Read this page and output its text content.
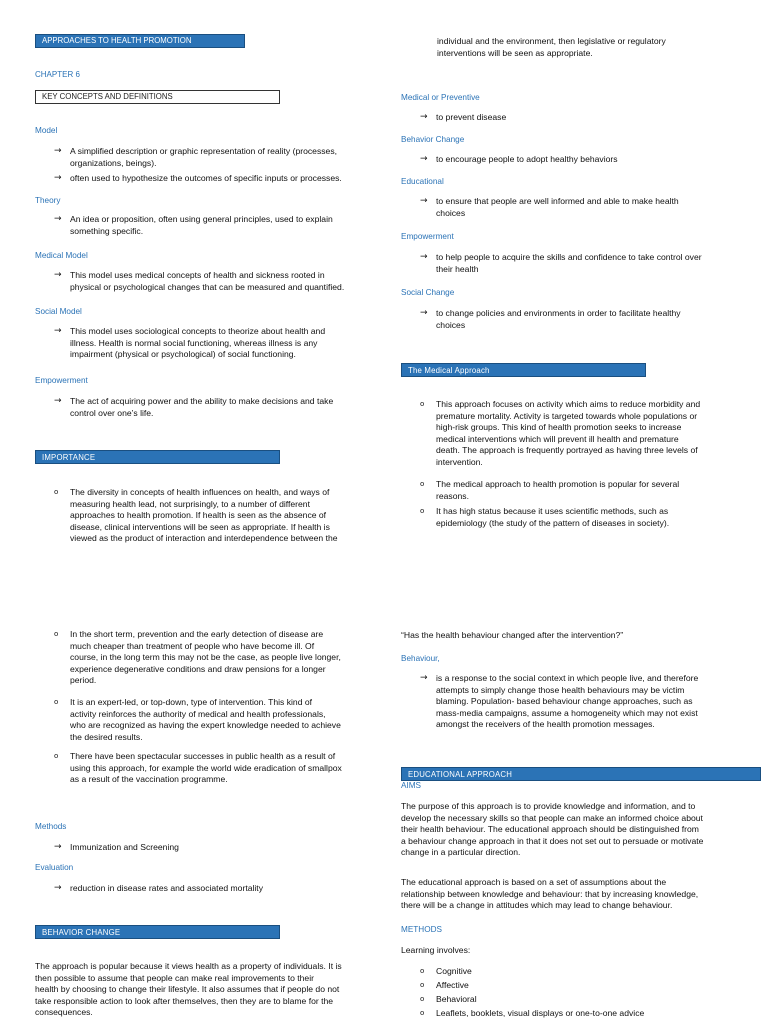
APPROACHES TO HEALTH PROMOTION
CHAPTER 6
KEY CONCEPTS AND DEFINITIONS
Model
→ A simplified description or graphic representation of reality (processes,
organizations, beings).
→ often used to hypothesize the outcomes of specific inputs or processes.
Theory
→ An idea or proposition, often using general principles, used to explain
something specific.
Medical Model
→ This model uses medical concepts of health and sickness rooted in
physical or psychological changes that can be measured and quantified.
Social Model
→ This model uses sociological concepts to theorize about health and
illness. Health is normal social functioning, whereas illness is any
impairment (physical or psychological) of social functioning.
Empowerment
→ The act of acquiring power and the ability to make decisions and take
control over one’s life.
IMPORTANCE
o The diversity in concepts of health influences on health, and ways of
measuring health lead, not surprisingly, to a number of different
approaches to health promotion. If health is seen as the absence of
disease, clinical interventions will be seen as appropriate. If health is
viewed as the product of interaction and interdependence between the
individual and the environment, then legislative or regulatory
interventions will be seen as appropriate.
Medical or Preventive
→ to prevent disease
Behavior Change
→ to encourage people to adopt healthy behaviors
Educational
→ to ensure that people are well informed and able to make health
choices
Empowerment
→ to help people to acquire the skills and confidence to take control over
their health
Social Change
→ to change policies and environments in order to facilitate healthy
choices
The Medical Approach
o This approach focuses on activity which aims to reduce morbidity and
premature mortality. Activity is targeted towards whole populations or
high-risk groups. This kind of health promotion seeks to increase
medical interventions which will prevent ill health and premature
death. The approach is frequently portrayed as having three levels of
intervention.
o The medical approach to health promotion is popular for several
reasons.
o It has high status because it uses scientific methods, such as
epidemiology (the study of the pattern of diseases in society).
o In the short term, prevention and the early detection of disease are
much cheaper than treatment of people who have become ill. Of
course, in the long term this may not be the case, as people live longer,
experience degenerative conditions and draw pensions for a longer
period.
o It is an expert-led, or top-down, type of intervention. This kind of
activity reinforces the authority of medical and health professionals,
who are recognized as having the expert knowledge needed to achieve
the desired results.
o There have been spectacular successes in public health as a result of
using this approach, for example the world wide eradication of smallpox
as a result of the vaccination programme.
Methods
→ Immunization and Screening
Evaluation
→ reduction in disease rates and associated mortality
BEHAVIOR CHANGE
The approach is popular because it views health as a property of individuals. It is
then possible to assume that people can make real improvements to their
health by choosing to change their lifestyle. It also assumes that if people do not
take responsible action to look after themselves, then they are to blame for the
consequences.
“Has the health behaviour changed after the intervention?”
Behaviour,
→ is a response to the social context in which people live, and therefore
attempts to simply change those health behaviours may be victim
blaming. Population- based behaviour change approaches, such as
mass-media campaigns, assume a homogeneity which may not exist
amongst the receivers of the health promotion messages.
EDUCATIONAL APPROACH
AIMS
The purpose of this approach is to provide knowledge and information, and to
develop the necessary skills so that people can make an informed choice about
their health behaviour. The educational approach should be distinguished from
a behaviour change approach in that it does not set out to persuade or motivate
change in a particular direction.
The educational approach is based on a set of assumptions about the
relationship between knowledge and behaviour: that by increasing knowledge,
there will be a change in attitudes which may lead to change behaviour.
METHODS
Learning involves:
o Cognitive
o Affective
o Behavioral
o Leaflets, booklets, visual displays or one-to-one advice
